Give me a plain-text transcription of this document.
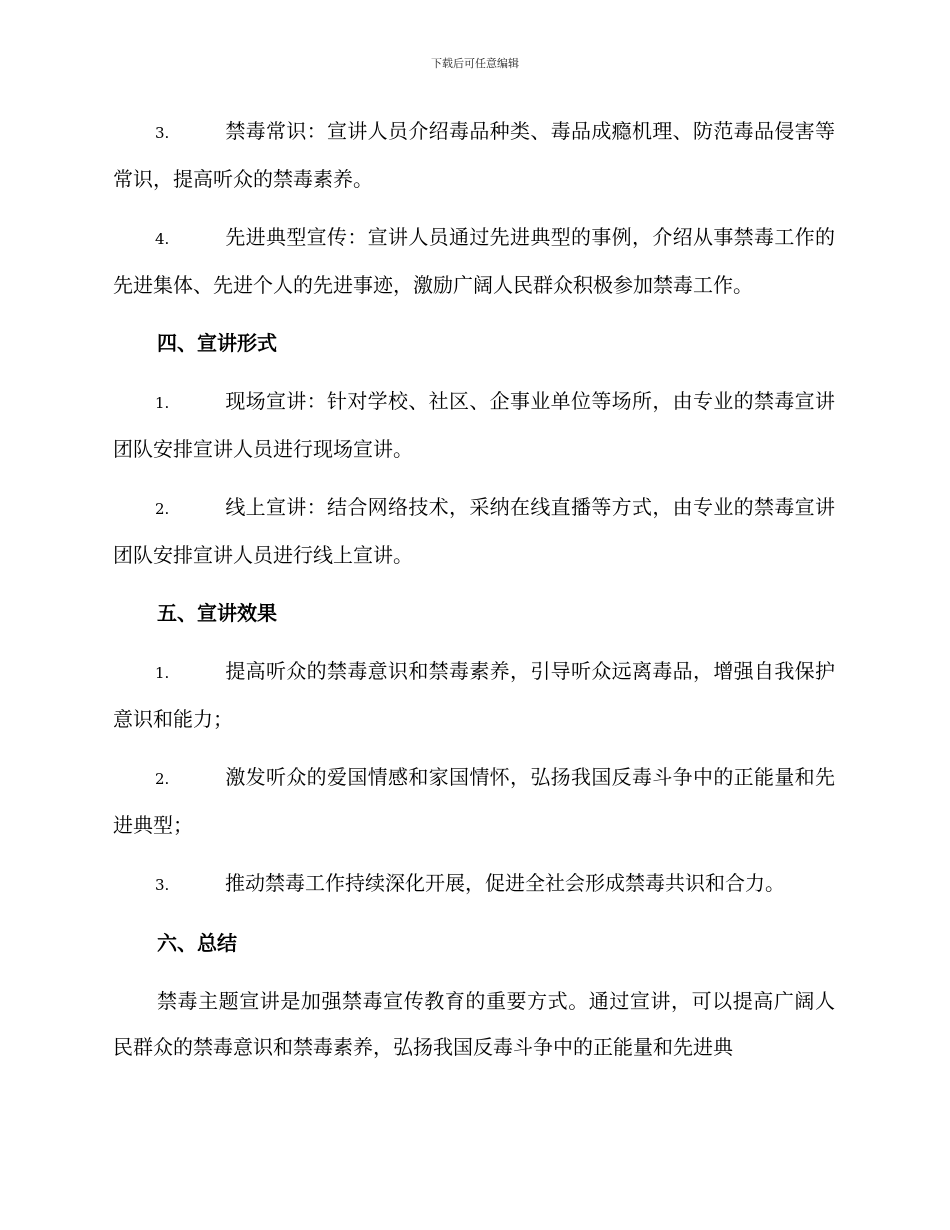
下载后可任意编辑

3.	禁毒常识：宣讲人员介绍毒品种类、毒品成瘾机理、防范毒品侵害等常识，提高听众的禁毒素养。

4.	先进典型宣传：宣讲人员通过先进典型的事例，介绍从事禁毒工作的先进集体、先进个人的先进事迹，激励广阔人民群众积极参加禁毒工作。

四、宣讲形式

1.	现场宣讲：针对学校、社区、企事业单位等场所，由专业的禁毒宣讲团队安排宣讲人员进行现场宣讲。

2.	线上宣讲：结合网络技术，采纳在线直播等方式，由专业的禁毒宣讲团队安排宣讲人员进行线上宣讲。

五、宣讲效果

1.	提高听众的禁毒意识和禁毒素养，引导听众远离毒品，增强自我保护意识和能力；

2.	激发听众的爱国情感和家国情怀，弘扬我国反毒斗争中的正能量和先进典型；

3.	推动禁毒工作持续深化开展，促进全社会形成禁毒共识和合力。

六、总结

禁毒主题宣讲是加强禁毒宣传教育的重要方式。通过宣讲，可以提高广阔人民群众的禁毒意识和禁毒素养，弘扬我国反毒斗争中的正能量和先进典
